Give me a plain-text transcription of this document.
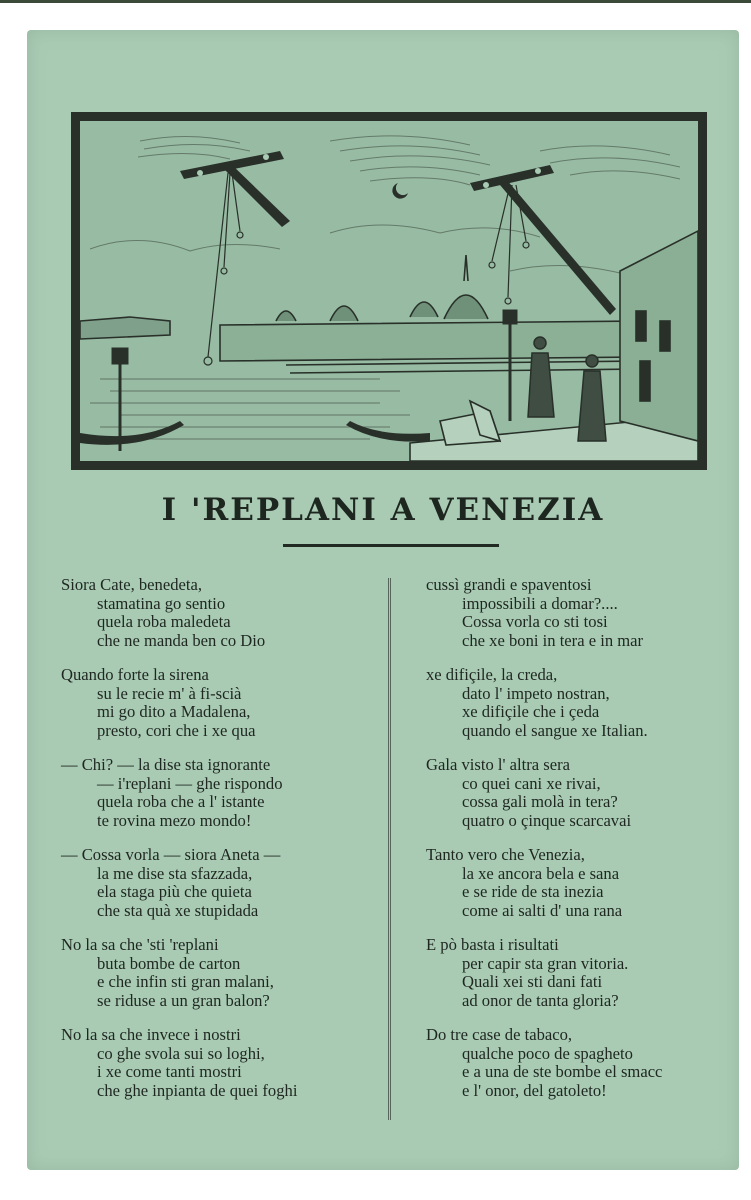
I 'REPLANI A VENEZIA
Siora Cate, benedeta,
stamatina go sentio
quela roba maledeta
che ne manda ben co Dio
Quando forte la sirena
su le recie m' à fi-scià
mi go dito a Madalena,
presto, cori che i xe qua
— Chi? — la dise sta ignorante
— i'replani — ghe rispondo
quela roba che a l' istante
te rovina mezo mondo!
— Cossa vorla — siora Aneta —
la me dise sta sfazzada,
ela staga più che quieta
che sta quà xe stupidada
No la sa che 'sti 'replani
buta bombe de carton
e che infin sti gran malani,
se riduse a un gran balon?
No la sa che invece i nostri
co ghe svola sui so loghi,
i xe come tanti mostri
che ghe inpianta de quei foghi
cussì grandi e spaventosi
impossibili a domar?....
Cossa vorla co sti tosi
che xe boni in tera e in mar
xe difiçile, la creda,
dato l' impeto nostran,
xe difiçile che i çeda
quando el sangue xe Italian.
Gala visto l' altra sera
co quei cani xe rivai,
cossa gali molà in tera?
quatro o çinque scarcavai
Tanto vero che Venezia,
la xe ancora bela e sana
e se ride de sta inezia
come ai salti d' una rana
E pò basta i risultati
per capir sta gran vitoria.
Quali xei sti dani fati
ad onor de tanta gloria?
Do tre case de tabaco,
qualche poco de spagheto
e a una de ste bombe el smacc
e l' onor, del gatoleto!
